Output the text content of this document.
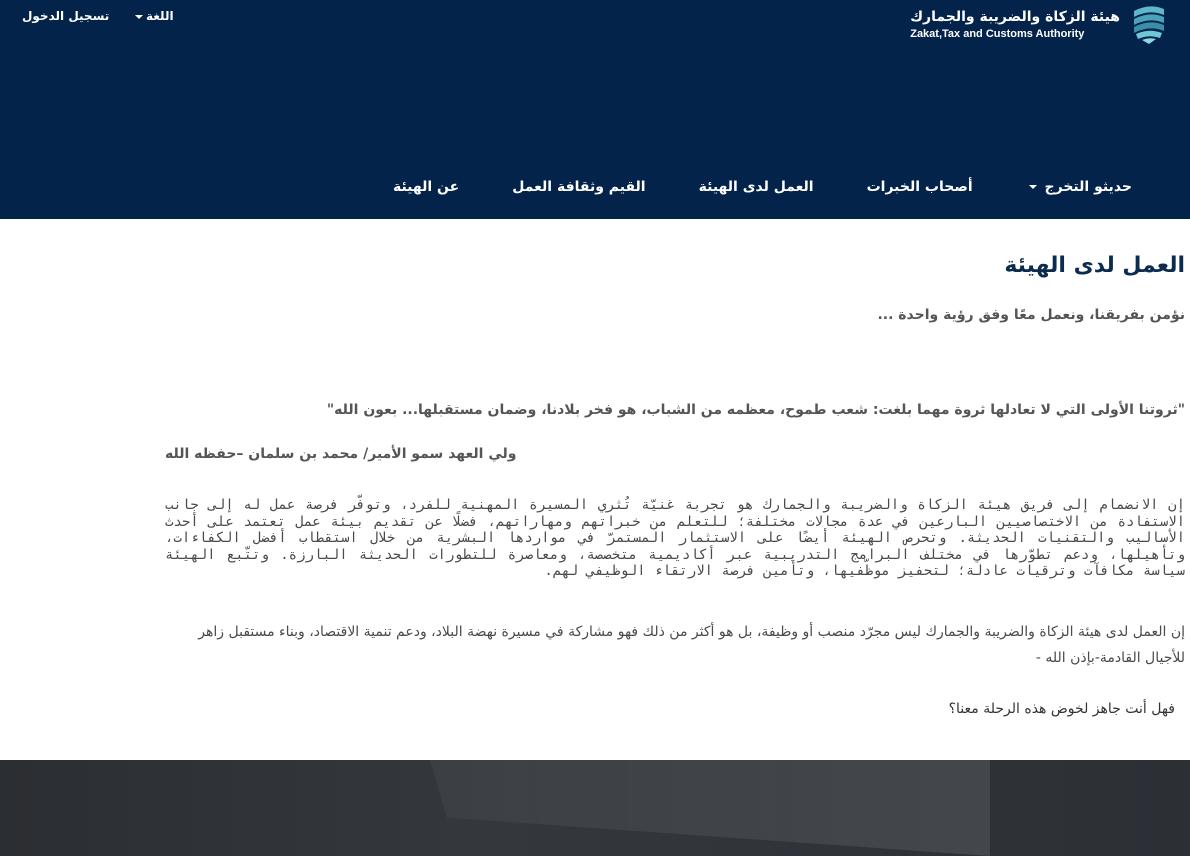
تسجيل الدخول	اللغة	هيئة الزكاة والضريبة والجمارك
Zakat,Tax and Customs Authority
عن الهيئة	القيم وثقافة العمل	العمل لدى الهيئة	أصحاب الخبرات	حديثو التخرج
العمل لدى الهيئة
نؤمن بفريقنا، ونعمل معًا وفق رؤية واحدة ...
"ثروتنا الأولى التي لا تعادلها ثروة مهما بلغت: شعب طموح، معظمه من الشباب، هو فخر بلادنا، وضمان مستقبلها... بعون الله"
ولي العهد سمو الأمير/ محمد بن سلمان –حفظه الله
إن الانضمام إلى فريق هيئة الزكاة والضريبة والجمارك هو تجربة غنيّة تُثري المسيرة المهنية للفرد، وتوفّر فرصة عمل له إلى جانب الاستفادة من الاختصاصيين البارعين في عدة مجالات مختلفة؛ للتعلم من خبراتهم ومهاراتهم، فضلًا عن تقديم بيئة عمل تعتمد على أحدث الأساليب والتقنيات الحديثة. وتحرص الهيئة أيضًا على الاستثمار المستمرّ في مواردها البشرية من خلال استقطاب أفضل الكفاءات، وتأهيلها، ودعم تطوّرها في مختلف البرامج التدريبية عبر أكاديمية متخصصة، ومعاصرة للتطورات الحديثة البارزة. وتتّبع الهيئة سياسة مكافآت وترقيات عادلة؛ لتحفيز موظّفيها، وتأمين فرصة الارتقاء الوظيفي لهم.
إن العمل لدى هيئة الزكاة والضريبة والجمارك ليس مجرّد منصب أو وظيفة، بل هو أكثر من ذلك فهو مشاركة في مسيرة نهضة البلاد، ودعم تنمية الاقتصاد، وبناء مستقبل زاهر للأجيال القادمة-بإذن الله -
فهل أنت جاهز لخوض هذه الرحلة معنا؟
